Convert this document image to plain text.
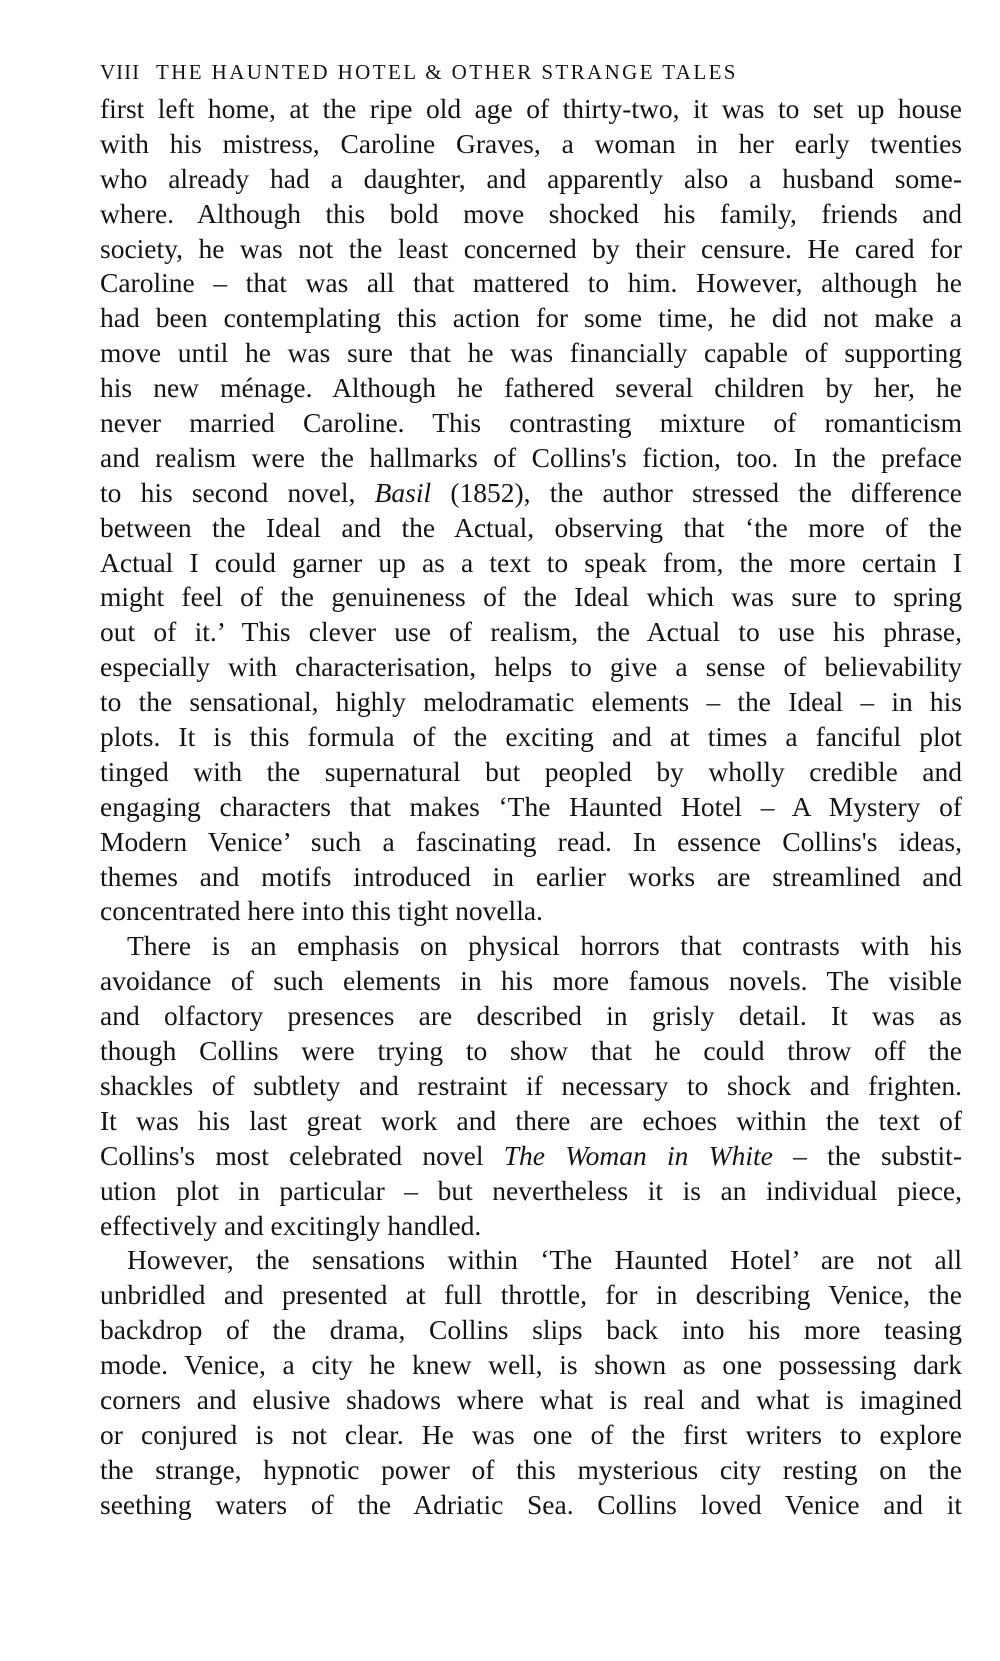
VIII THE HAUNTED HOTEL & OTHER STRANGE TALES
first left home, at the ripe old age of thirty-two, it was to set up house
with his mistress, Caroline Graves, a woman in her early twenties
who already had a daughter, and apparently also a husband some-
where. Although this bold move shocked his family, friends and
society, he was not the least concerned by their censure. He cared for
Caroline – that was all that mattered to him. However, although he
had been contemplating this action for some time, he did not make a
move until he was sure that he was financially capable of supporting
his new ménage. Although he fathered several children by her, he
never married Caroline. This contrasting mixture of romanticism
and realism were the hallmarks of Collins's fiction, too. In the preface
to his second novel, Basil (1852), the author stressed the difference
between the Ideal and the Actual, observing that ‘the more of the
Actual I could garner up as a text to speak from, the more certain I
might feel of the genuineness of the Ideal which was sure to spring
out of it.’ This clever use of realism, the Actual to use his phrase,
especially with characterisation, helps to give a sense of believability
to the sensational, highly melodramatic elements – the Ideal – in his
plots. It is this formula of the exciting and at times a fanciful plot
tinged with the supernatural but peopled by wholly credible and
engaging characters that makes ‘The Haunted Hotel – A Mystery of
Modern Venice’ such a fascinating read. In essence Collins's ideas,
themes and motifs introduced in earlier works are streamlined and
concentrated here into this tight novella.
There is an emphasis on physical horrors that contrasts with his
avoidance of such elements in his more famous novels. The visible
and olfactory presences are described in grisly detail. It was as
though Collins were trying to show that he could throw off the
shackles of subtlety and restraint if necessary to shock and frighten.
It was his last great work and there are echoes within the text of
Collins's most celebrated novel The Woman in White – the substit-
ution plot in particular – but nevertheless it is an individual piece,
effectively and excitingly handled.
However, the sensations within ‘The Haunted Hotel’ are not all
unbridled and presented at full throttle, for in describing Venice, the
backdrop of the drama, Collins slips back into his more teasing
mode. Venice, a city he knew well, is shown as one possessing dark
corners and elusive shadows where what is real and what is imagined
or conjured is not clear. He was one of the first writers to explore
the strange, hypnotic power of this mysterious city resting on the
seething waters of the Adriatic Sea. Collins loved Venice and it
